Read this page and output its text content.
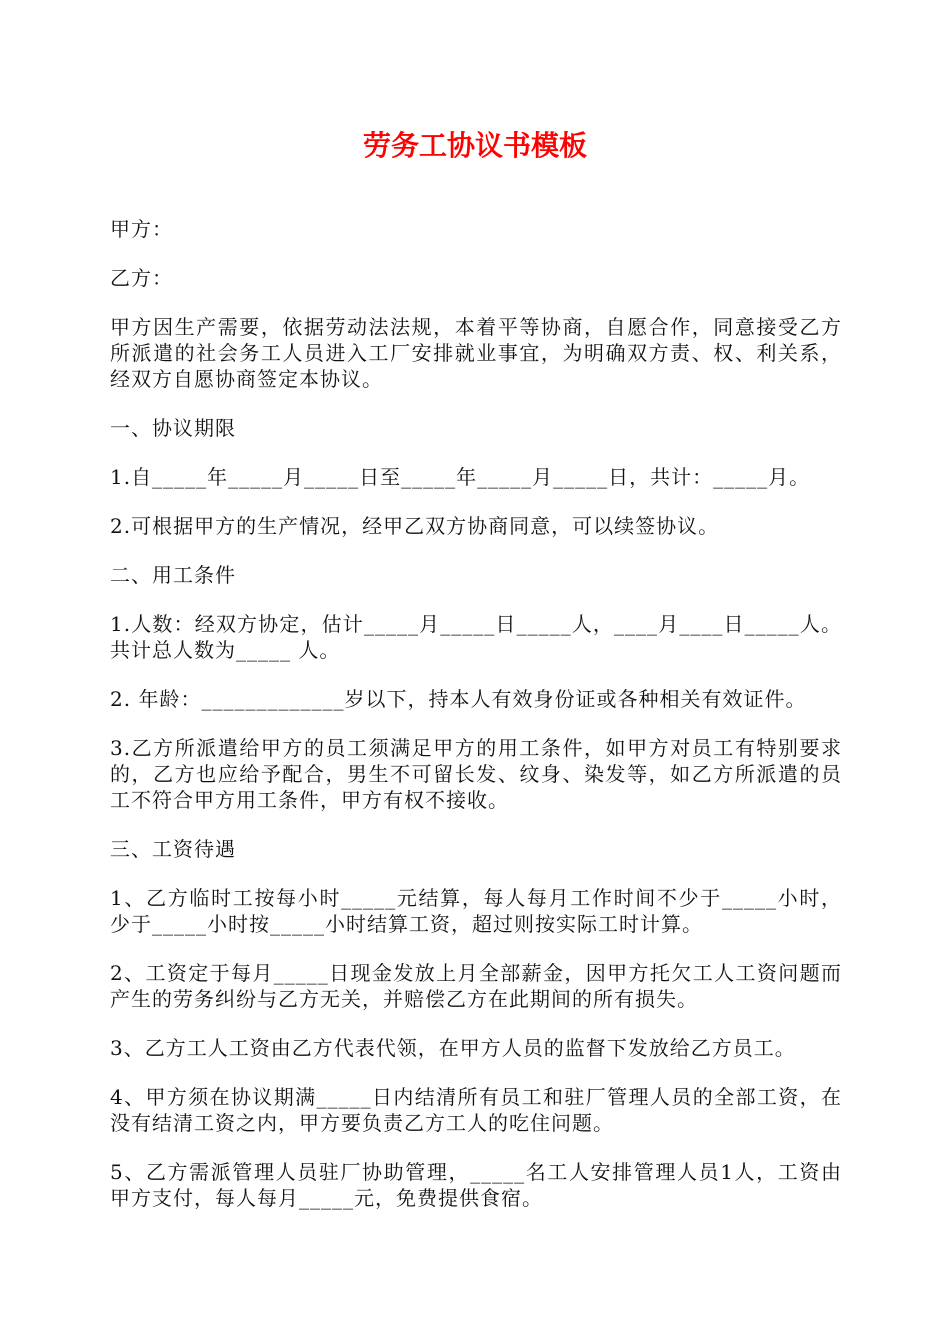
劳务工协议书模板

甲方：

乙方：

甲方因生产需要，依据劳动法法规，本着平等协商，自愿合作，同意接受乙方所派遣的社会务工人员进入工厂安排就业事宜，为明确双方责、权、利关系，经双方自愿协商签定本协议。

一、协议期限

1.自_____年_____月_____日至_____年_____月_____日，共计：_____月。

2.可根据甲方的生产情况，经甲乙双方协商同意，可以续签协议。

二、用工条件

1.人数：经双方协定，估计_____月_____日_____人，____月____日_____人。共计总人数为_____ 人。

2. 年龄：_____________岁以下，持本人有效身份证或各种相关有效证件。

3.乙方所派遣给甲方的员工须满足甲方的用工条件，如甲方对员工有特别要求的，乙方也应给予配合，男生不可留长发、纹身、染发等，如乙方所派遣的员工不符合甲方用工条件，甲方有权不接收。

三、工资待遇

1、乙方临时工按每小时_____元结算，每人每月工作时间不少于_____小时，少于_____小时按_____小时结算工资，超过则按实际工时计算。

2、工资定于每月_____日现金发放上月全部薪金，因甲方托欠工人工资问题而产生的劳务纠纷与乙方无关，并赔偿乙方在此期间的所有损失。

3、乙方工人工资由乙方代表代领，在甲方人员的监督下发放给乙方员工。

4、甲方须在协议期满_____日内结清所有员工和驻厂管理人员的全部工资，在没有结清工资之内，甲方要负责乙方工人的吃住问题。

5、乙方需派管理人员驻厂协助管理，_____名工人安排管理人员1人，工资由甲方支付，每人每月_____元，免费提供食宿。
